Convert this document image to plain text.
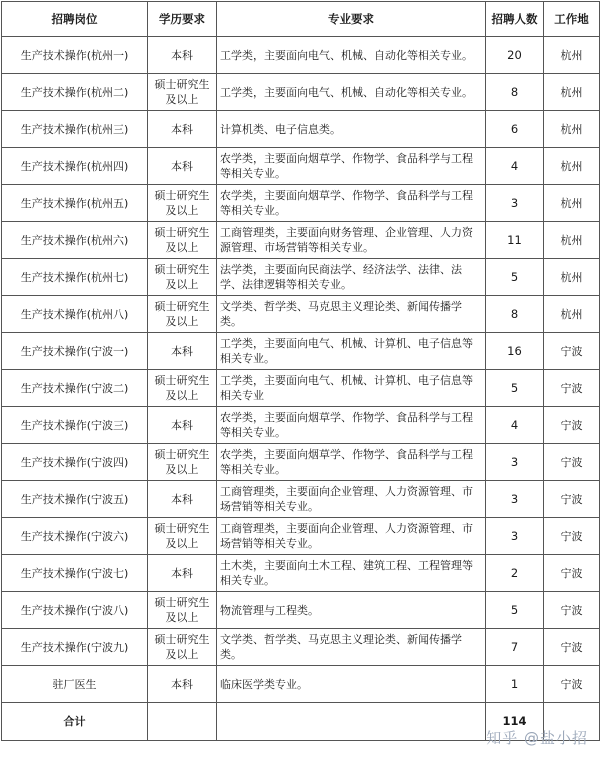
招聘岗位	学历要求	专业要求	招聘人数	工作地
生产技术操作(杭州一)	本科	工学类，主要面向电气、机械、自动化等相关专业。	20	杭州
生产技术操作(杭州二)	硕士研究生及以上	工学类，主要面向电气、机械、自动化等相关专业。	8	杭州
生产技术操作(杭州三)	本科	计算机类、电子信息类。	6	杭州
生产技术操作(杭州四)	本科	农学类，主要面向烟草学、作物学、食品科学与工程等相关专业。	4	杭州
生产技术操作(杭州五)	硕士研究生及以上	农学类，主要面向烟草学、作物学、食品科学与工程等相关专业。	3	杭州
生产技术操作(杭州六)	硕士研究生及以上	工商管理类，主要面向财务管理、企业管理、人力资源管理、市场营销等相关专业。	11	杭州
生产技术操作(杭州七)	硕士研究生及以上	法学类，主要面向民商法学、经济法学、法律、法学、法律逻辑等相关专业。	5	杭州
生产技术操作(杭州八)	硕士研究生及以上	文学类、哲学类、马克思主义理论类、新闻传播学类。	8	杭州
生产技术操作(宁波一)	本科	工学类，主要面向电气、机械、计算机、电子信息等相关专业。	16	宁波
生产技术操作(宁波二)	硕士研究生及以上	工学类，主要面向电气、机械、计算机、电子信息等相关专业	5	宁波
生产技术操作(宁波三)	本科	农学类，主要面向烟草学、作物学、食品科学与工程等相关专业。	4	宁波
生产技术操作(宁波四)	硕士研究生及以上	农学类，主要面向烟草学、作物学、食品科学与工程等相关专业。	3	宁波
生产技术操作(宁波五)	本科	工商管理类，主要面向企业管理、人力资源管理、市场营销等相关专业。	3	宁波
生产技术操作(宁波六)	硕士研究生及以上	工商管理类，主要面向企业管理、人力资源管理、市场营销等相关专业。	3	宁波
生产技术操作(宁波七)	本科	土木类，主要面向土木工程、建筑工程、工程管理等相关专业。	2	宁波
生产技术操作(宁波八)	硕士研究生及以上	物流管理与工程类。	5	宁波
生产技术操作(宁波九)	硕士研究生及以上	文学类、哲学类、马克思主义理论类、新闻传播学类。	7	宁波
驻厂医生	本科	临床医学类专业。	1	宁波
合计			114	
知乎 @盐小招
